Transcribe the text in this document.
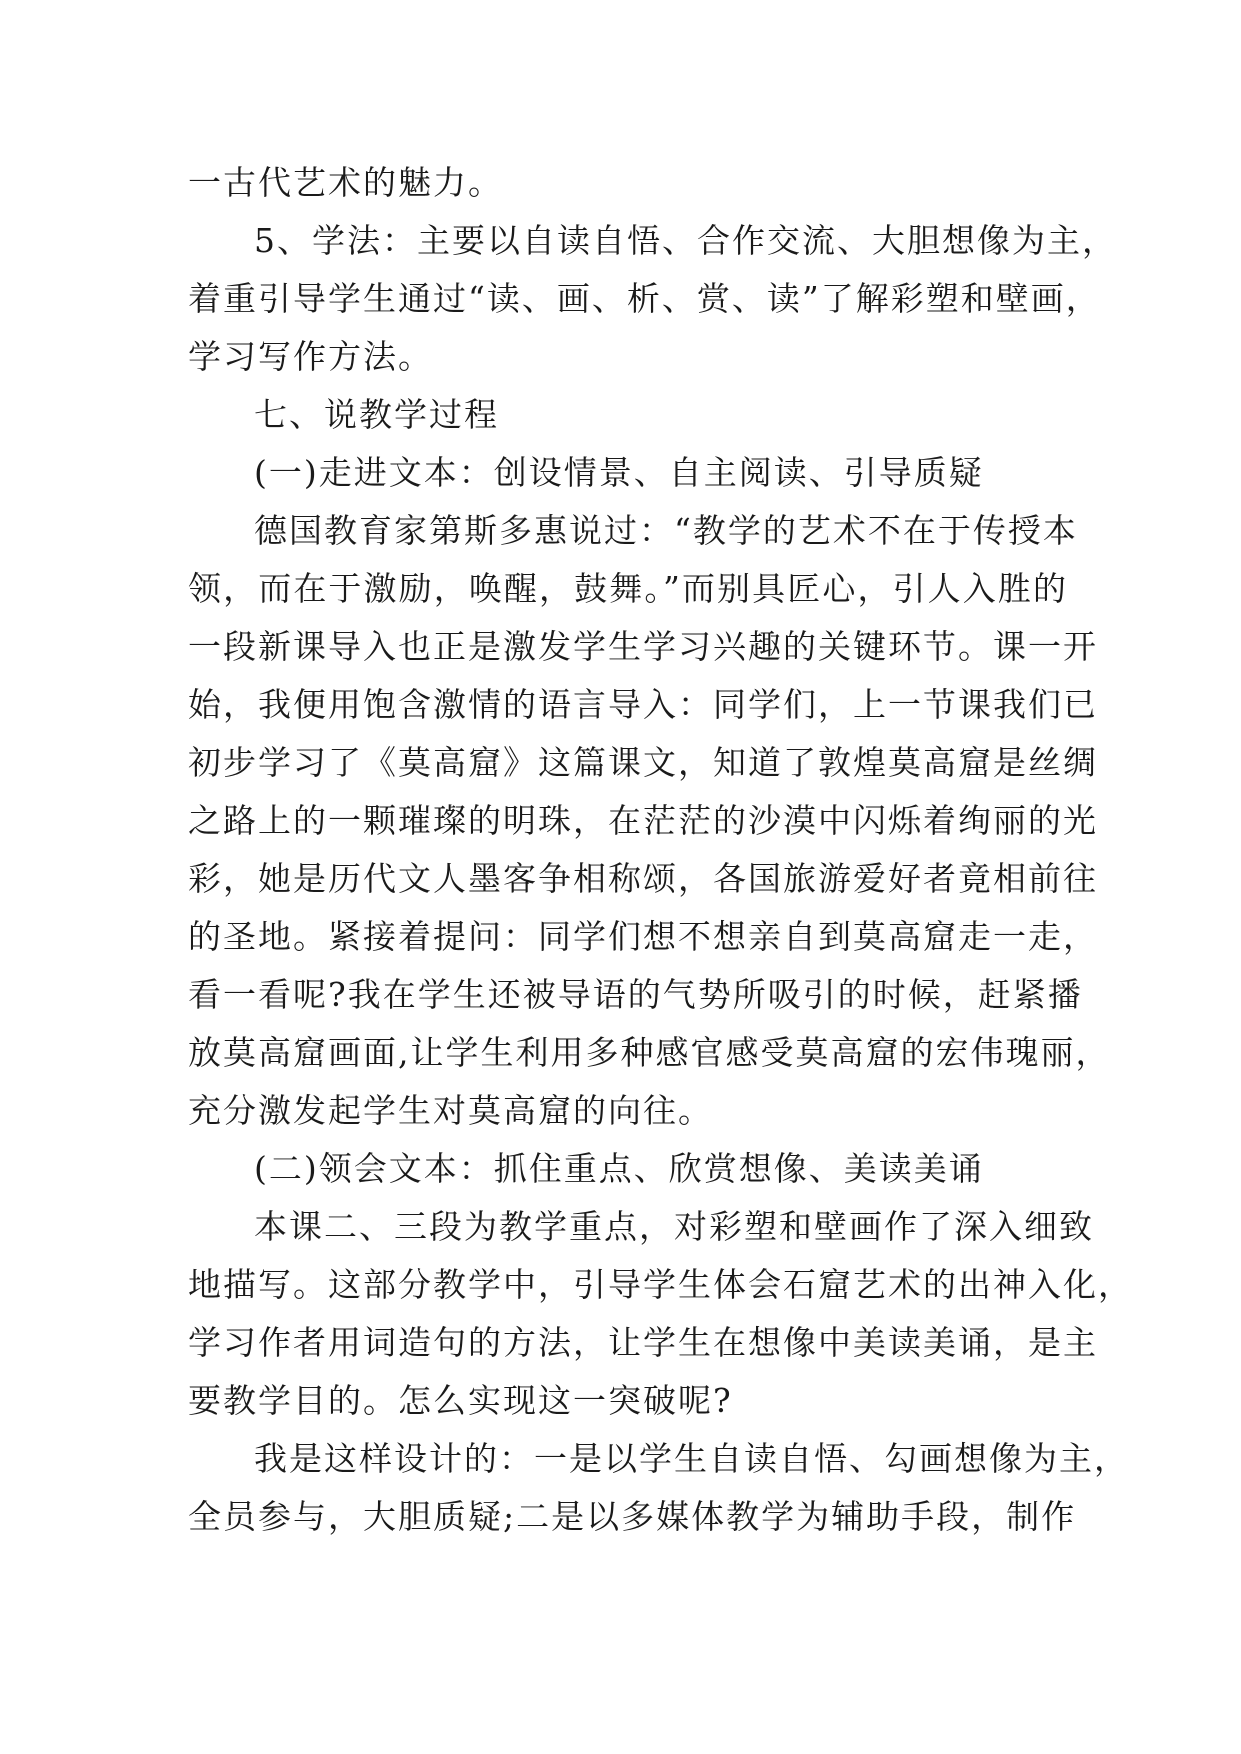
一古代艺术的魅力。
5、学法：主要以自读自悟、合作交流、大胆想像为主，
着重引导学生通过“读、画、析、赏、读”了解彩塑和壁画，
学习写作方法。
七、说教学过程
(一)走进文本：创设情景、自主阅读、引导质疑
德国教育家第斯多惠说过：“教学的艺术不在于传授本
领，而在于激励，唤醒，鼓舞。”而别具匠心，引人入胜的
一段新课导入也正是激发学生学习兴趣的关键环节。课一开
始，我便用饱含激情的语言导入：同学们，上一节课我们已
初步学习了《莫高窟》这篇课文，知道了敦煌莫高窟是丝绸
之路上的一颗璀璨的明珠，在茫茫的沙漠中闪烁着绚丽的光
彩，她是历代文人墨客争相称颂，各国旅游爱好者竟相前往
的圣地。紧接着提问：同学们想不想亲自到莫高窟走一走，
看一看呢?我在学生还被导语的气势所吸引的时候，赶紧播
放莫高窟画面,让学生利用多种感官感受莫高窟的宏伟瑰丽，
充分激发起学生对莫高窟的向往。
(二)领会文本：抓住重点、欣赏想像、美读美诵
本课二、三段为教学重点，对彩塑和壁画作了深入细致
地描写。这部分教学中，引导学生体会石窟艺术的出神入化，
学习作者用词造句的方法，让学生在想像中美读美诵，是主
要教学目的。怎么实现这一突破呢?
我是这样设计的：一是以学生自读自悟、勾画想像为主，
全员参与，大胆质疑;二是以多媒体教学为辅助手段，制作
